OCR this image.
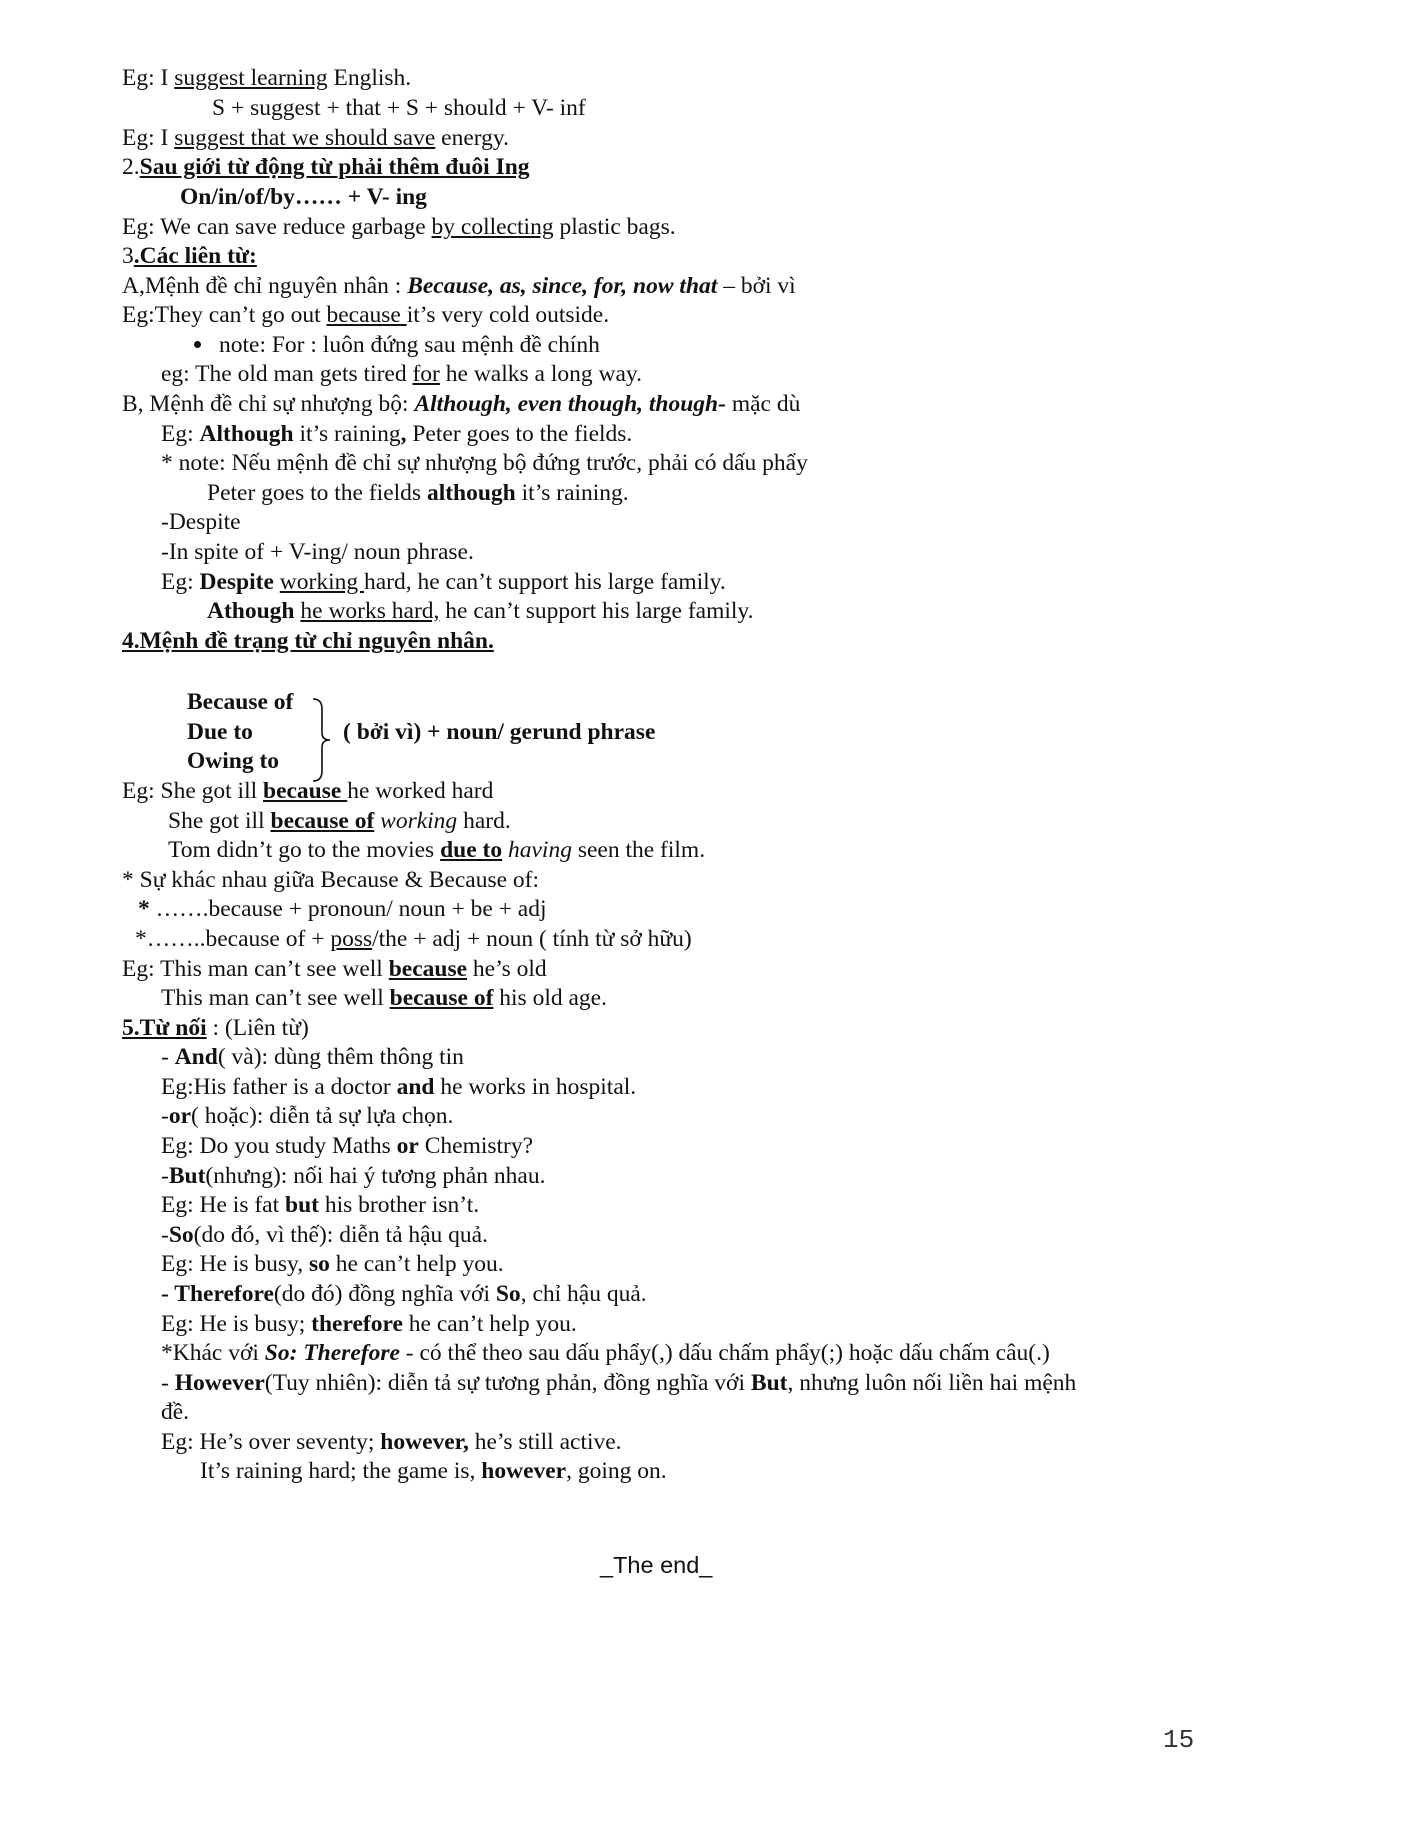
Eg: I suggest learning English.
S + suggest + that + S + should + V- inf
Eg: I suggest that we should save energy.
2.Sau giới từ động từ phải thêm đuôi Ing
On/in/of/by…… + V- ing
Eg: We can save reduce garbage by collecting plastic bags.
3.Các liên từ:
A,Mệnh đề chỉ nguyên nhân : Because, as, since, for, now that – bởi vì
Eg:They can’t go out because it’s very cold outside.
note: For : luôn đứng sau mệnh đề chính
eg: The old man gets tired for he walks a long way.
B, Mệnh đề chỉ sự nhượng bộ: Although, even though, though- mặc dù
Eg: Although it’s raining, Peter goes to the fields.
* note: Nếu mệnh đề chỉ sự nhượng bộ đứng trước, phải có dấu phẩy
Peter goes to the fields although it’s raining.
-Despite
-In spite of + V-ing/ noun phrase.
Eg: Despite working hard, he can’t support his large family.
Athough he works hard, he can’t support his large family.
4.Mệnh đề trạng từ chỉ nguyên nhân.
Because of
Due to
Owing to
( bởi vì) + noun/ gerund phrase
Eg: She got ill because he worked hard
She got ill because of working hard.
Tom didn’t go to the movies due to having seen the film.
* Sự khác nhau giữa Because & Because of:
* …….because + pronoun/ noun + be + adj
*……..because of + poss/the + adj + noun ( tính từ sở hữu)
Eg: This man can’t see well because he’s old
This man can’t see well because of his old age.
5.Từ nối : (Liên từ)
- And( và): dùng thêm thông tin
Eg:His father is a doctor and he works in hospital.
-or( hoặc): diễn tả sự lựa chọn.
Eg: Do you study Maths or Chemistry?
-But(nhưng): nối hai ý tương phản nhau.
Eg: He is fat but his brother isn’t.
-So(do đó, vì thế): diễn tả hậu quả.
Eg: He is busy, so he can’t help you.
- Therefore(do đó) đồng nghĩa với So, chỉ hậu quả.
Eg: He is busy; therefore he can’t help you.
*Khác với So: Therefore - có thể theo sau dấu phẩy(,) dấu chấm phẩy(;) hoặc dấu chấm câu(.)
- However(Tuy nhiên): diễn tả sự tương phản, đồng nghĩa với But, nhưng luôn nối liền hai mệnh
đề.
Eg: He’s over seventy; however, he’s still active.
It’s raining hard; the game is, however, going on.
_The end_
15
